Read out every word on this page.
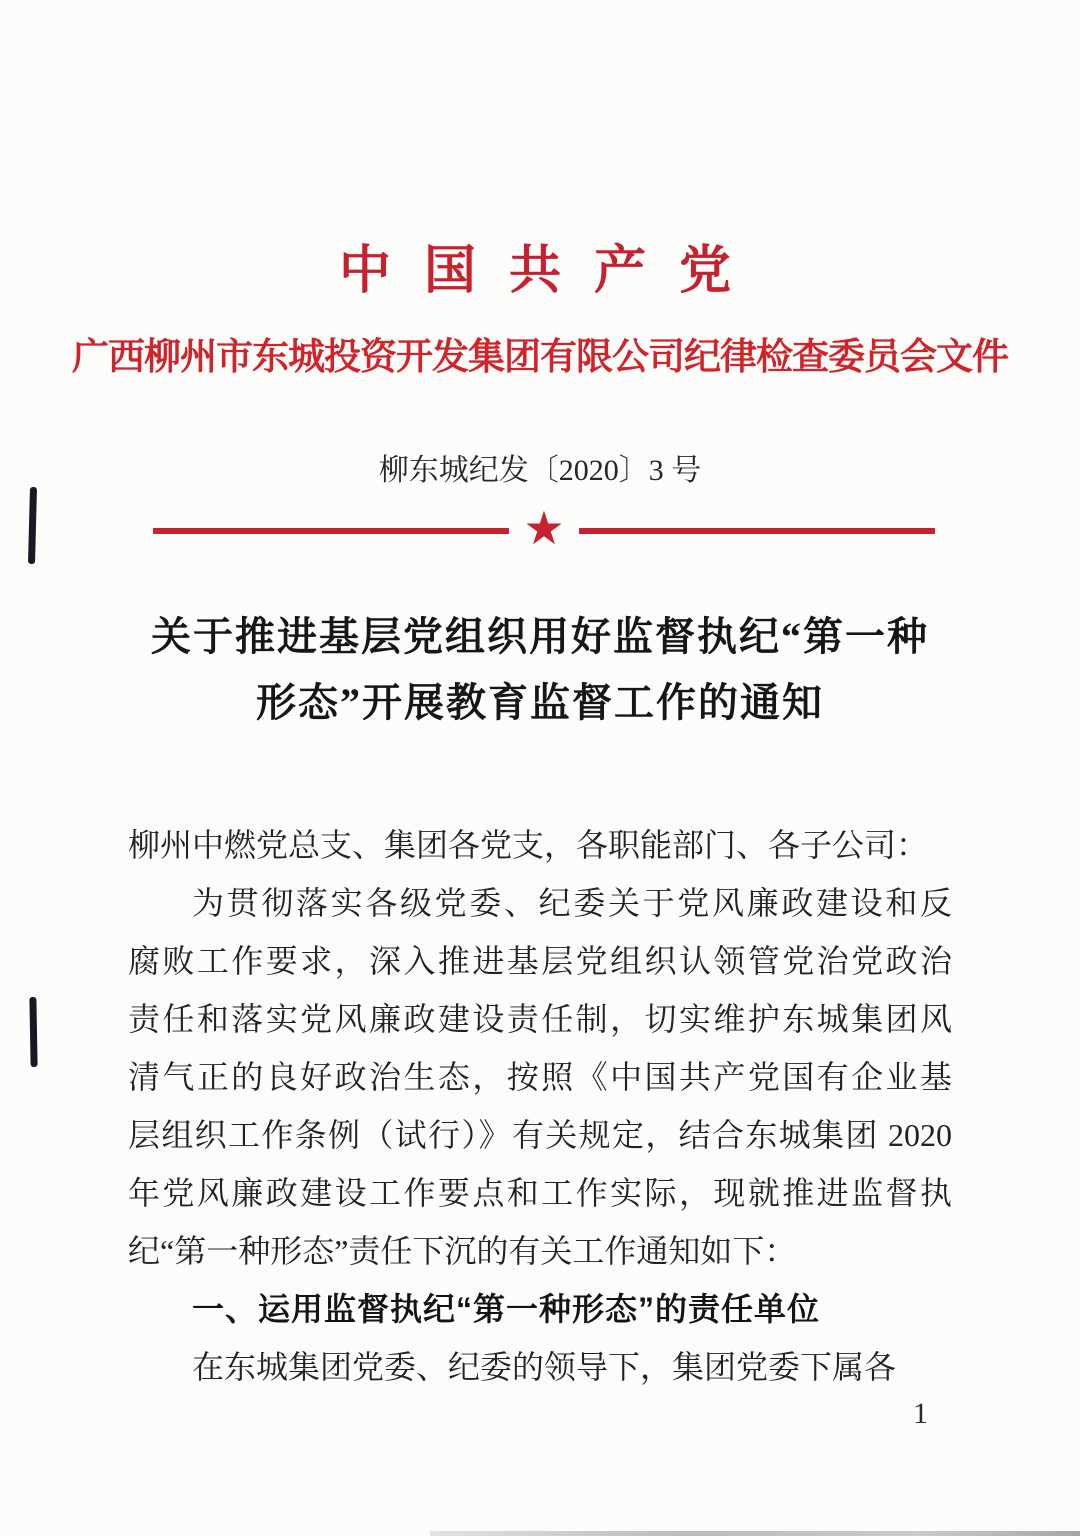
中 国 共 产 党
广西柳州市东城投资开发集团有限公司纪律检查委员会文件
柳东城纪发〔2020〕3 号
★
关于推进基层党组织用好监督执纪“第一种
形态”开展教育监督工作的通知
柳州中燃党总支、集团各党支，各职能部门、各子公司：
为贯彻落实各级党委、纪委关于党风廉政建设和反
腐败工作要求，深入推进基层党组织认领管党治党政治
责任和落实党风廉政建设责任制，切实维护东城集团风
清气正的良好政治生态，按照《中国共产党国有企业基
层组织工作条例（试行）》有关规定，结合东城集团 2020
年党风廉政建设工作要点和工作实际，现就推进监督执
纪“第一种形态”责任下沉的有关工作通知如下：
一、运用监督执纪“第一种形态”的责任单位
在东城集团党委、纪委的领导下，集团党委下属各
1
